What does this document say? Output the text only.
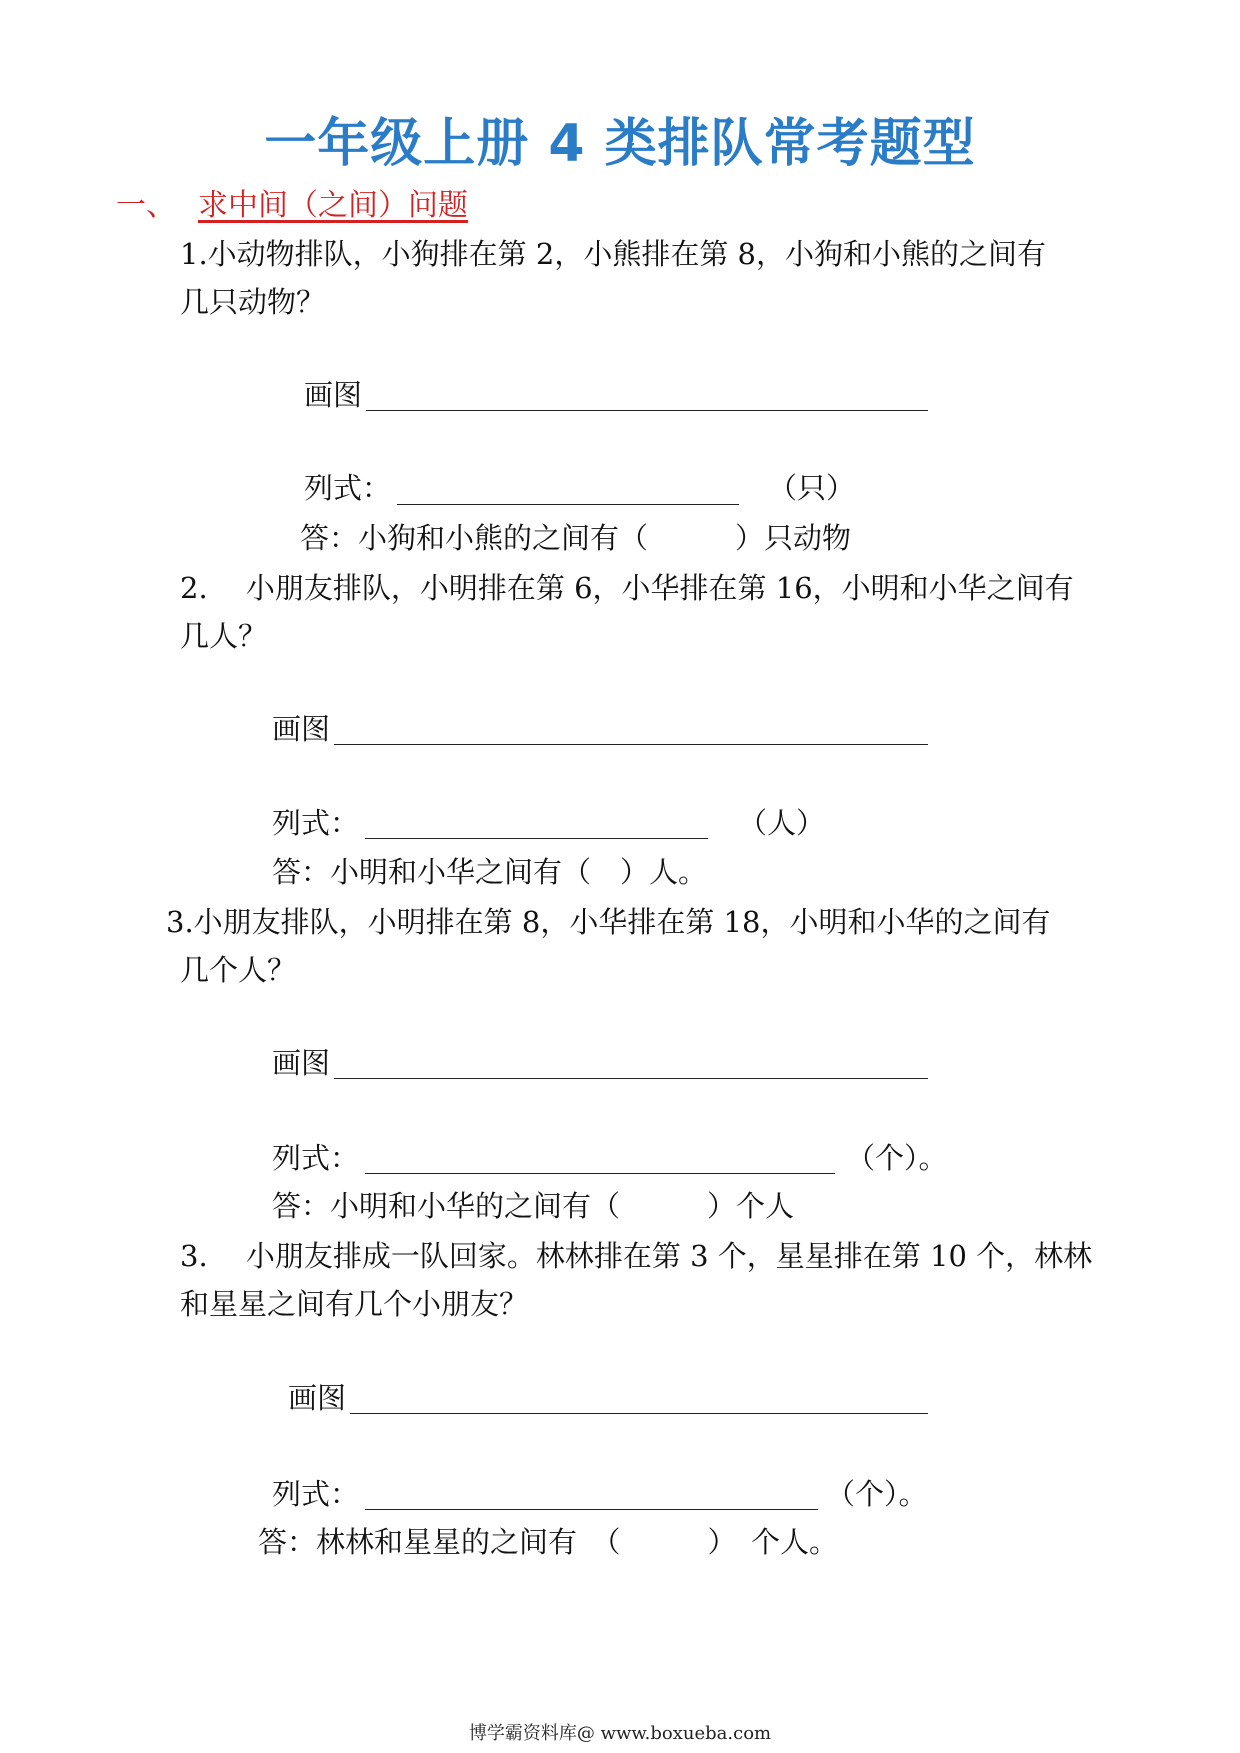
一年级上册 4 类排队常考题型
一、 求中间（之间）问题
1.小动物排队，小狗排在第 2，小熊排在第 8，小狗和小熊的之间有
几只动物？
画图
列式：	（只）
答：小狗和小熊的之间有（　　　）只动物
2.　 小朋友排队，小明排在第 6，小华排在第 16，小明和小华之间有
几人？
画图
列式：	（人）
答：小明和小华之间有（　）人。
3.小朋友排队，小明排在第 8，小华排在第 18，小明和小华的之间有
几个人？
画图
列式：	（个）。
答：小明和小华的之间有（　　　）个人
3.　 小朋友排成一队回家。林林排在第 3 个，星星排在第 10 个，林林
和星星之间有几个小朋友？
画图
列式：	（个）。
答：林林和星星的之间有　（　　　）　个人。
博学霸资料库@ www.boxueba.com
